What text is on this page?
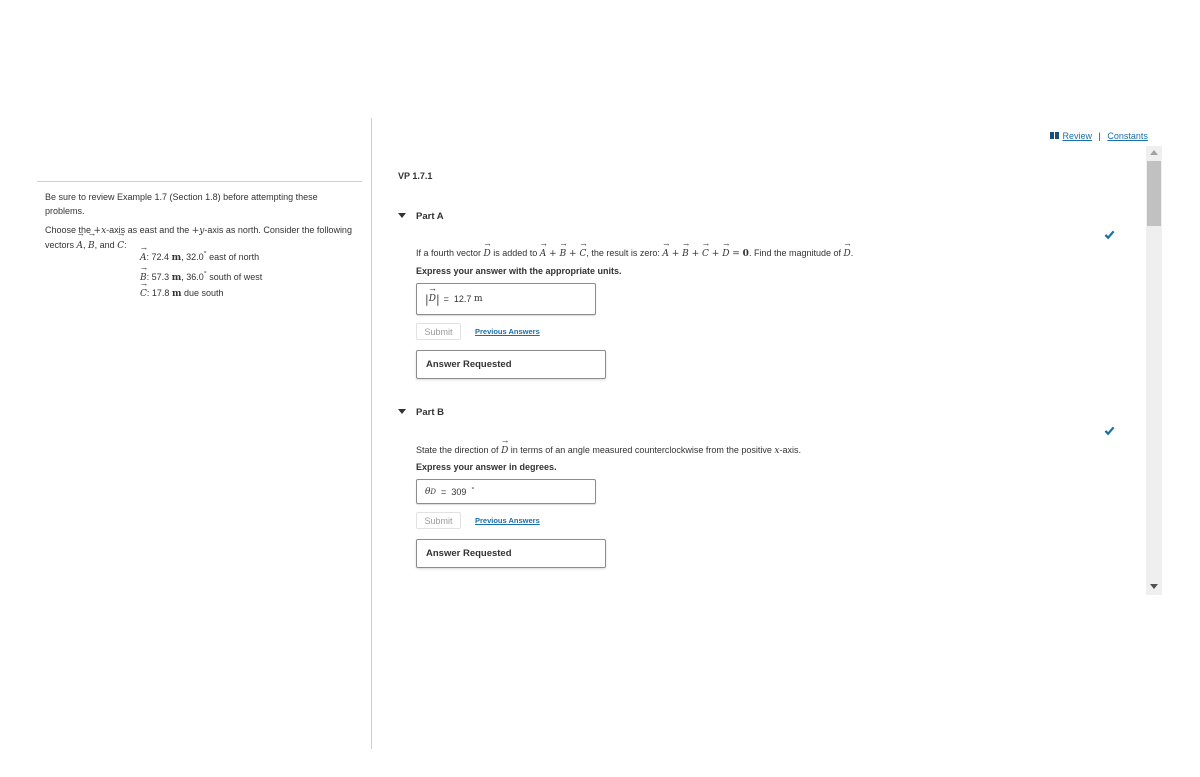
Be sure to review Example 1.7 (Section 1.8) before attempting these problems.

Choose the +x-axis as east and the +y-axis as north. Consider the following vectors → A, → B, and → C:

→ A: 72.4 m, 32.0° east of north
→ B: 57.3 m, 36.0° south of west
→ C: 17.8 m due south
Review | Constants
VP 1.7.1
Part A
If a fourth vector → D is added to → A + → B + → C, the result is zero: → A + → B + → C + → D = 0. Find the magnitude of → D.
Express your answer with the appropriate units.
|
→ D | = 12.7
m
Submit	Previous Answers
Answer Requested
Part B
State the direction of → D in terms of an angle measured counterclockwise from the positive x-axis.
Express your answer in degrees.
θ D = 309
°
Submit	Previous Answers
Answer Requested
